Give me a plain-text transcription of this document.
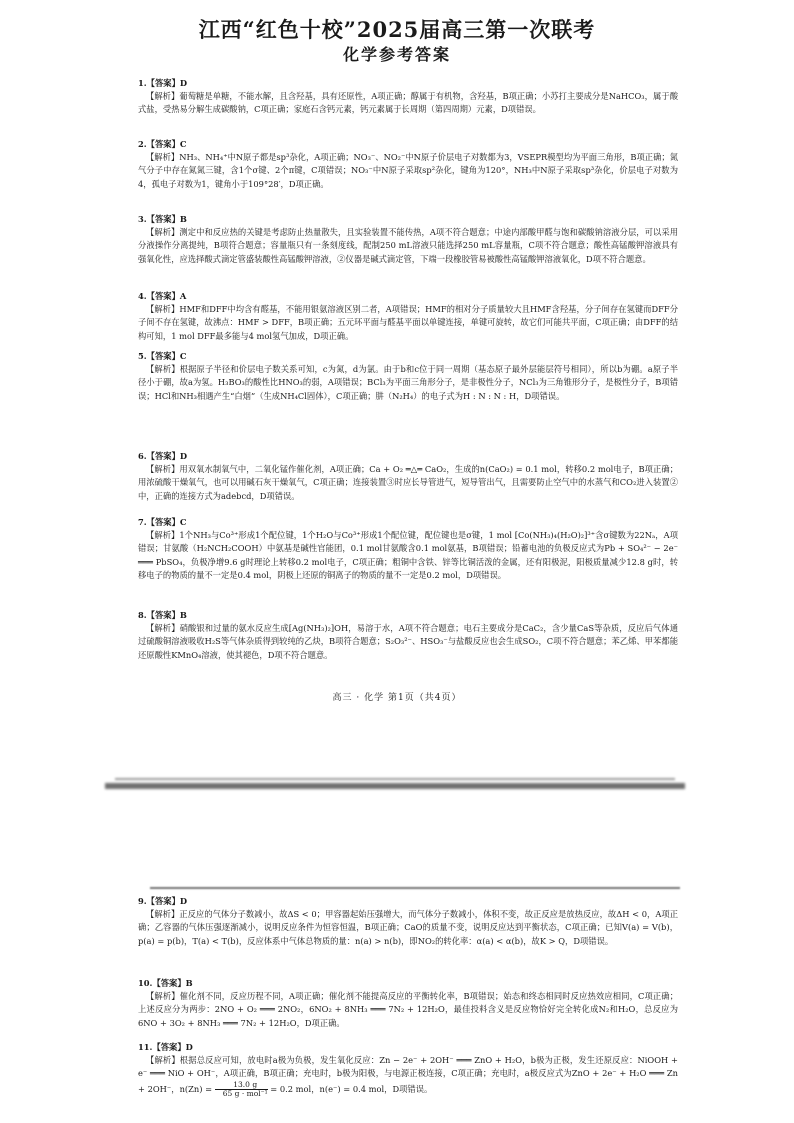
江西“红色十校”2025届高三第一次联考
化学参考答案
1.【答案】D
【解析】葡萄糖是单糖，不能水解，且含羟基，具有还原性，A项正确；醇属于有机物，含羟基，B项正确；小苏打主要成分是NaHCO₃，属于酸式盐，受热易分解生成碳酸钠，C项正确；家庭石含钙元素，钙元素属于长周期（第四周期）元素，D项错误。
2.【答案】C
【解析】NH₃、NH₄⁺中N原子都是sp³杂化，A项正确；NO₃⁻、NO₂⁻中N原子价层电子对数都为3，VSEPR模型均为平面三角形，B项正确；氮气分子中存在氮氮三键，含1个σ键、2个π键，C项错误；NO₃⁻中N原子采取sp²杂化，键角为120°，NH₃中N原子采取sp³杂化，价层电子对数为4，孤电子对数为1，键角小于109°28′，D项正确。
3.【答案】B
【解析】测定中和反应热的关键是考虑防止热量散失，且实验装置不能传热，A项不符合题意；中途内部酸甲醛与饱和碳酸钠溶液分层，可以采用分液操作分离提纯，B项符合题意；容量瓶只有一条刻度线，配制250 mL溶液只能选择250 mL容量瓶，C项不符合题意；酸性高锰酸钾溶液具有强氧化性，应选择酸式滴定管盛装酸性高锰酸钾溶液，②仪器是碱式滴定管，下端一段橡胶管易被酸性高锰酸钾溶液氧化，D项不符合题意。
4.【答案】A
【解析】HMF和DFF中均含有醛基，不能用银氨溶液区别二者，A项错误；HMF的相对分子质量较大且HMF含羟基，分子间存在氢键而DFF分子间不存在氢键，故沸点：HMF > DFF，B项正确；五元环平面与醛基平面以单键连接，单键可旋转，故它们可能共平面，C项正确；由DFF的结构可知，1 mol DFF最多能与4 mol氢气加成，D项正确。
5.【答案】C
【解析】根据原子半径和价层电子数关系可知，c为氮，d为氯。由于b和c位于同一周期（基态原子最外层能层符号相同），所以b为硼。a原子半径小于硼，故a为氢。H₃BO₃的酸性比HNO₃的弱，A项错误；BCl₃为平面三角形分子，是非极性分子，NCl₃为三角锥形分子，是极性分子，B项错误；HCl和NH₃相遇产生“白烟”（生成NH₄Cl固体），C项正确；肼（N₂H₄）的电子式为H : N : N : H，D项错误。
6.【答案】D
【解析】用双氧水制氧气中，二氧化锰作催化剂，A项正确；Ca + O₂ ═△═ CaO₂，生成的n(CaO₂) = 0.1 mol，转移0.2 mol电子，B项正确；用浓硫酸干燥氧气，也可以用碱石灰干燥氧气，C项正确；连接装置③时应长导管进气，短导管出气，且需要防止空气中的水蒸气和CO₂进入装置②中，正确的连接方式为adebcd，D项错误。
7.【答案】C
【解析】1个NH₃与Co³⁺形成1个配位键，1个H₂O与Co³⁺形成1个配位键，配位键也是σ键，1 mol [Co(NH₃)₄(H₂O)₂]³⁺含σ键数为22Nₐ，A项错误；甘氨酸（H₂NCH₂COOH）中氨基是碱性官能团，0.1 mol甘氨酸含0.1 mol氨基，B项错误；铅蓄电池的负极反应式为Pb + SO₄²⁻ − 2e⁻ ═══ PbSO₄，负极净增9.6 g时理论上转移0.2 mol电子，C项正确；粗铜中含铁、锌等比铜活泼的金属，还有阳极泥，阳极质量减少12.8 g时，转移电子的物质的量不一定是0.4 mol，阴极上还原的铜离子的物质的量不一定是0.2 mol，D项错误。
8.【答案】B
【解析】硝酸银和过量的氨水反应生成[Ag(NH₃)₂]OH，易溶于水，A项不符合题意；电石主要成分是CaC₂，含少量CaS等杂质，反应后气体通过硫酸铜溶液吸收H₂S等气体杂质得到较纯的乙炔，B项符合题意；S₂O₃²⁻、HSO₃⁻与盐酸反应也会生成SO₂，C项不符合题意；苯乙烯、甲苯都能还原酸性KMnO₄溶液，使其褪色，D项不符合题意。
高三 · 化学 第1页（共4页）
9.【答案】D
【解析】正反应的气体分子数减小，故ΔS < 0；甲容器起始压强增大，而气体分子数减小，体积不变，故正反应是放热反应，故ΔH < 0，A项正确；乙容器的气体压强逐渐减小，说明反应条件为恒容恒温，B项正确；CaO的质量不变，说明反应达到平衡状态，C项正确；已知V(a) = V(b)，p(a) = p(b)，T(a) < T(b)，反应体系中气体总物质的量：n(a) > n(b)，即NO₂的转化率：α(a) < α(b)，故K > Q，D项错误。
10.【答案】B
【解析】催化剂不同，反应历程不同，A项正确；催化剂不能提高反应的平衡转化率，B项错误；始态和终态相同时反应热效应相同，C项正确；上述反应分为两步：2NO + O₂ ═══ 2NO₂，6NO₂ + 8NH₃ ═══ 7N₂ + 12H₂O，最佳投料含义是反应物恰好完全转化成N₂和H₂O，总反应为6NO + 3O₂ + 8NH₃ ═══ 7N₂ + 12H₂O，D项正确。
11.【答案】D
【解析】根据总反应可知，放电时a极为负极，发生氧化反应：Zn − 2e⁻ + 2OH⁻ ═══ ZnO + H₂O，b极为正极，发生还原反应：NiOOH + e⁻ ═══ NiO + OH⁻，A项正确，B项正确；充电时，b极为阳极，与电源正极连接，C项正确；充电时，a极反应式为ZnO + 2e⁻ + H₂O ═══ Zn + 2OH⁻，$n(Zn) = \frac{13.0 g}{\text{65 g · mol⁻¹}} = 0.2$ mol，n(e⁻) = 0.4 mol，D项错误。
